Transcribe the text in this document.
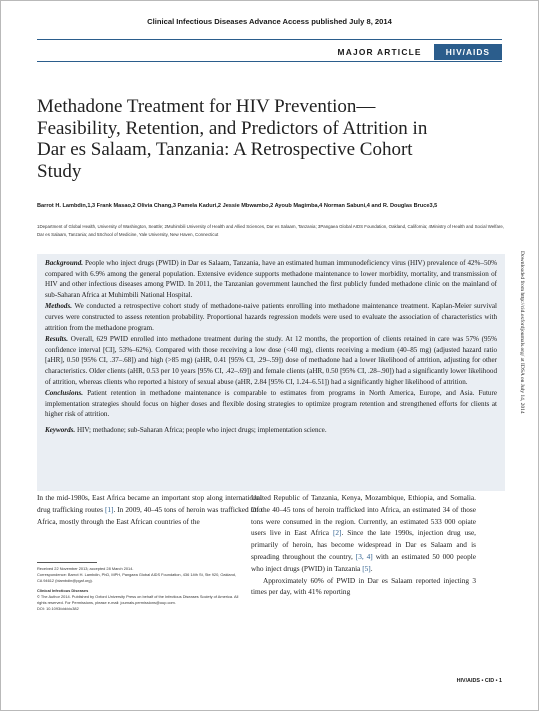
Clinical Infectious Diseases Advance Access published July 8, 2014
MAJOR ARTICLE	HIV/AIDS
Methadone Treatment for HIV Prevention—Feasibility, Retention, and Predictors of Attrition in Dar es Salaam, Tanzania: A Retrospective Cohort Study
Barrot H. Lambdin,1,3 Frank Masao,2 Olivia Chang,3 Pamela Kaduri,2 Jessie Mbwambo,2 Ayoub Magimba,4 Norman Sabuni,4 and R. Douglas Bruce3,5
1Department of Global Health, University of Washington, Seattle; 2Muhimbili University of Health and Allied Sciences, Dar es Salaam, Tanzania; 3Pangaea Global AIDS Foundation, Oakland, California; 4Ministry of Health and Social Welfare, Dar es Salaam, Tanzania; and 5School of Medicine, Yale University, New Haven, Connecticut

Background. People who inject drugs (PWID) in Dar es Salaam, Tanzania, have an estimated human immunodeficiency virus (HIV) prevalence of 42%–50% compared with 6.9% among the general population. Extensive evidence supports methadone maintenance to lower morbidity, mortality, and transmission of HIV and other infectious diseases among PWID. In 2011, the Tanzanian government launched the first publicly funded methadone clinic on the mainland of sub-Saharan Africa at Muhimbili National Hospital.

Methods. We conducted a retrospective cohort study of methadone-naive patients enrolling into methadone maintenance treatment. Kaplan-Meier survival curves were constructed to assess retention probability. Proportional hazards regression models were used to evaluate the association of characteristics with attrition from the methadone program.

Results. Overall, 629 PWID enrolled into methadone treatment during the study. At 12 months, the proportion of clients retained in care was 57% (95% confidence interval [CI], 53%–62%). Compared with those receiving a low dose (<40 mg), clients receiving a medium (40–85 mg) (adjusted hazard ratio [aHR], 0.50 [95% CI, .37–.68]) and high (>85 mg) (aHR, 0.41 [95% CI, .29–.59]) dose of methadone had a lower likelihood of attrition, adjusting for other characteristics. Older clients (aHR, 0.53 per 10 years [95% CI, .42–.69]) and female clients (aHR, 0.50 [95% CI, .28–.90]) had a significantly lower likelihood of attrition, whereas clients who reported a history of sexual abuse (aHR, 2.84 [95% CI, 1.24–6.51]) had a significantly higher likelihood of attrition.

Conclusions. Patient retention in methadone maintenance is comparable to estimates from programs in North America, Europe, and Asia. Future implementation strategies should focus on higher doses and flexible dosing strategies to optimize program retention and strengthened efforts for clients at higher risk of attrition.

Keywords. HIV; methadone; sub-Saharan Africa; people who inject drugs; implementation science.

In the mid-1980s, East Africa became an important stop along international drug trafficking routes [1]. In 2009, 40–45 tons of heroin was trafficked into Africa, mostly through the East African countries of the

Received 22 November 2013; accepted 28 March 2014.
Correspondence: Barrot H. Lambdin, PhD, MPH, Pangaea Global AIDS Foundation, 436 14th St, Ste 920, Oakland, CA 94612 (blambdin@pgaf.org).
Clinical Infectious Diseases
© The Author 2014. Published by Oxford University Press on behalf of the Infectious Diseases Society of America. All rights reserved. For Permissions, please e-mail: journals.permissions@oup.com.
DOI: 10.1093/cid/ciu382

United Republic of Tanzania, Kenya, Mozambique, Ethiopia, and Somalia. Of the 40–45 tons of heroin trafficked into Africa, an estimated 34 of those tons were consumed in the region. Currently, an estimated 533 000 opiate users live in East Africa [2]. Since the late 1990s, injection drug use, primarily of heroin, has become widespread in Dar es Salaam and is spreading throughout the country, [3, 4] with an estimated 50 000 people who inject drugs (PWID) in Tanzania [5].

Approximately 60% of PWID in Dar es Salaam reported injecting 3 times per day, with 41% reporting

Downloaded from http://cid.oxfordjournals.org/ at IDSA on July 14, 2014
HIV/AIDS • CID • 1
